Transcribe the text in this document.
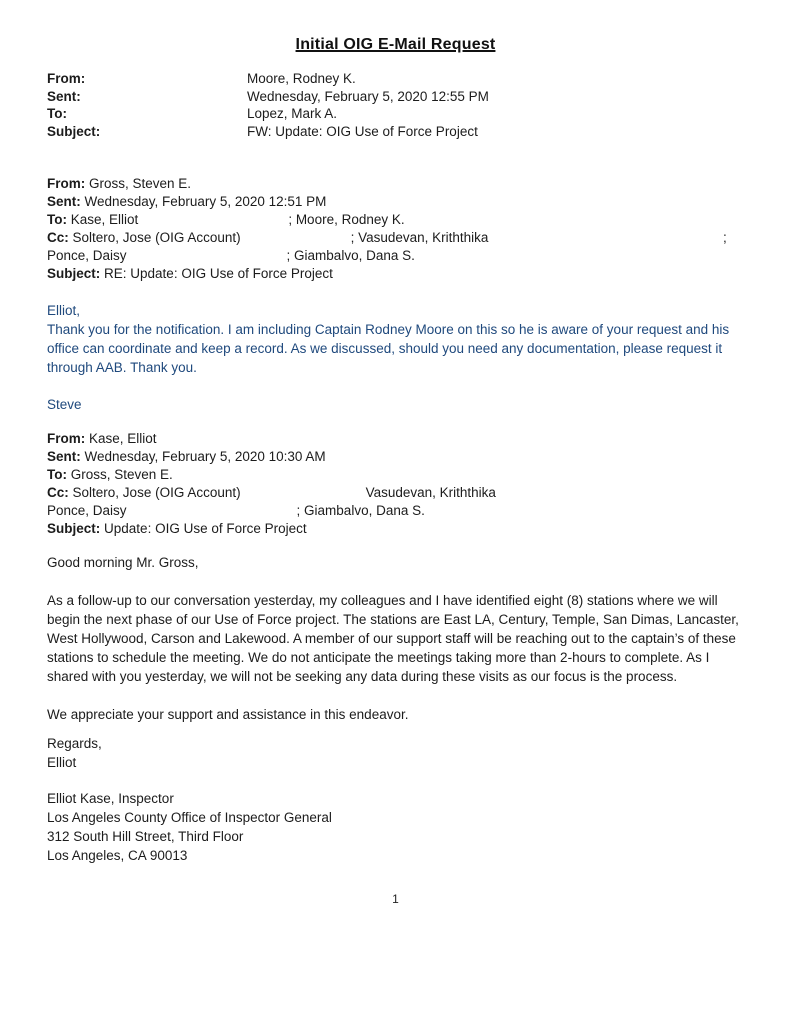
Initial OIG E-Mail Request
From:	Moore, Rodney K.
Sent:	Wednesday, February 5, 2020 12:55 PM
To:	Lopez, Mark A.
Subject:	FW: Update: OIG Use of Force Project
From: Gross, Steven E.
Sent: Wednesday, February 5, 2020 12:51 PM
To: Kase, Elliot	; Moore, Rodney K.
Cc: Soltero, Jose (OIG Account)	; Vasudevan, Kriththika	;
Ponce, Daisy	; Giambalvo, Dana S.
Subject: RE: Update: OIG Use of Force Project
Elliot,
Thank you for the notification. I am including Captain Rodney Moore on this so he is aware of your request and his office can coordinate and keep a record. As we discussed, should you need any documentation, please request it through AAB. Thank you.
Steve
From: Kase, Elliot
Sent: Wednesday, February 5, 2020 10:30 AM
To: Gross, Steven E.
Cc: Soltero, Jose (OIG Account)	Vasudevan, Kriththika
Ponce, Daisy	; Giambalvo, Dana S.
Subject: Update: OIG Use of Force Project
Good morning Mr. Gross,
As a follow-up to our conversation yesterday, my colleagues and I have identified eight (8) stations where we will begin the next phase of our Use of Force project. The stations are East LA, Century, Temple, San Dimas, Lancaster, West Hollywood, Carson and Lakewood. A member of our support staff will be reaching out to the captain’s of these stations to schedule the meeting. We do not anticipate the meetings taking more than 2-hours to complete. As I shared with you yesterday, we will not be seeking any data during these visits as our focus is the process.
We appreciate your support and assistance in this endeavor.
Regards,
Elliot
Elliot Kase, Inspector
Los Angeles County Office of Inspector General
312 South Hill Street, Third Floor
Los Angeles, CA 90013
1
